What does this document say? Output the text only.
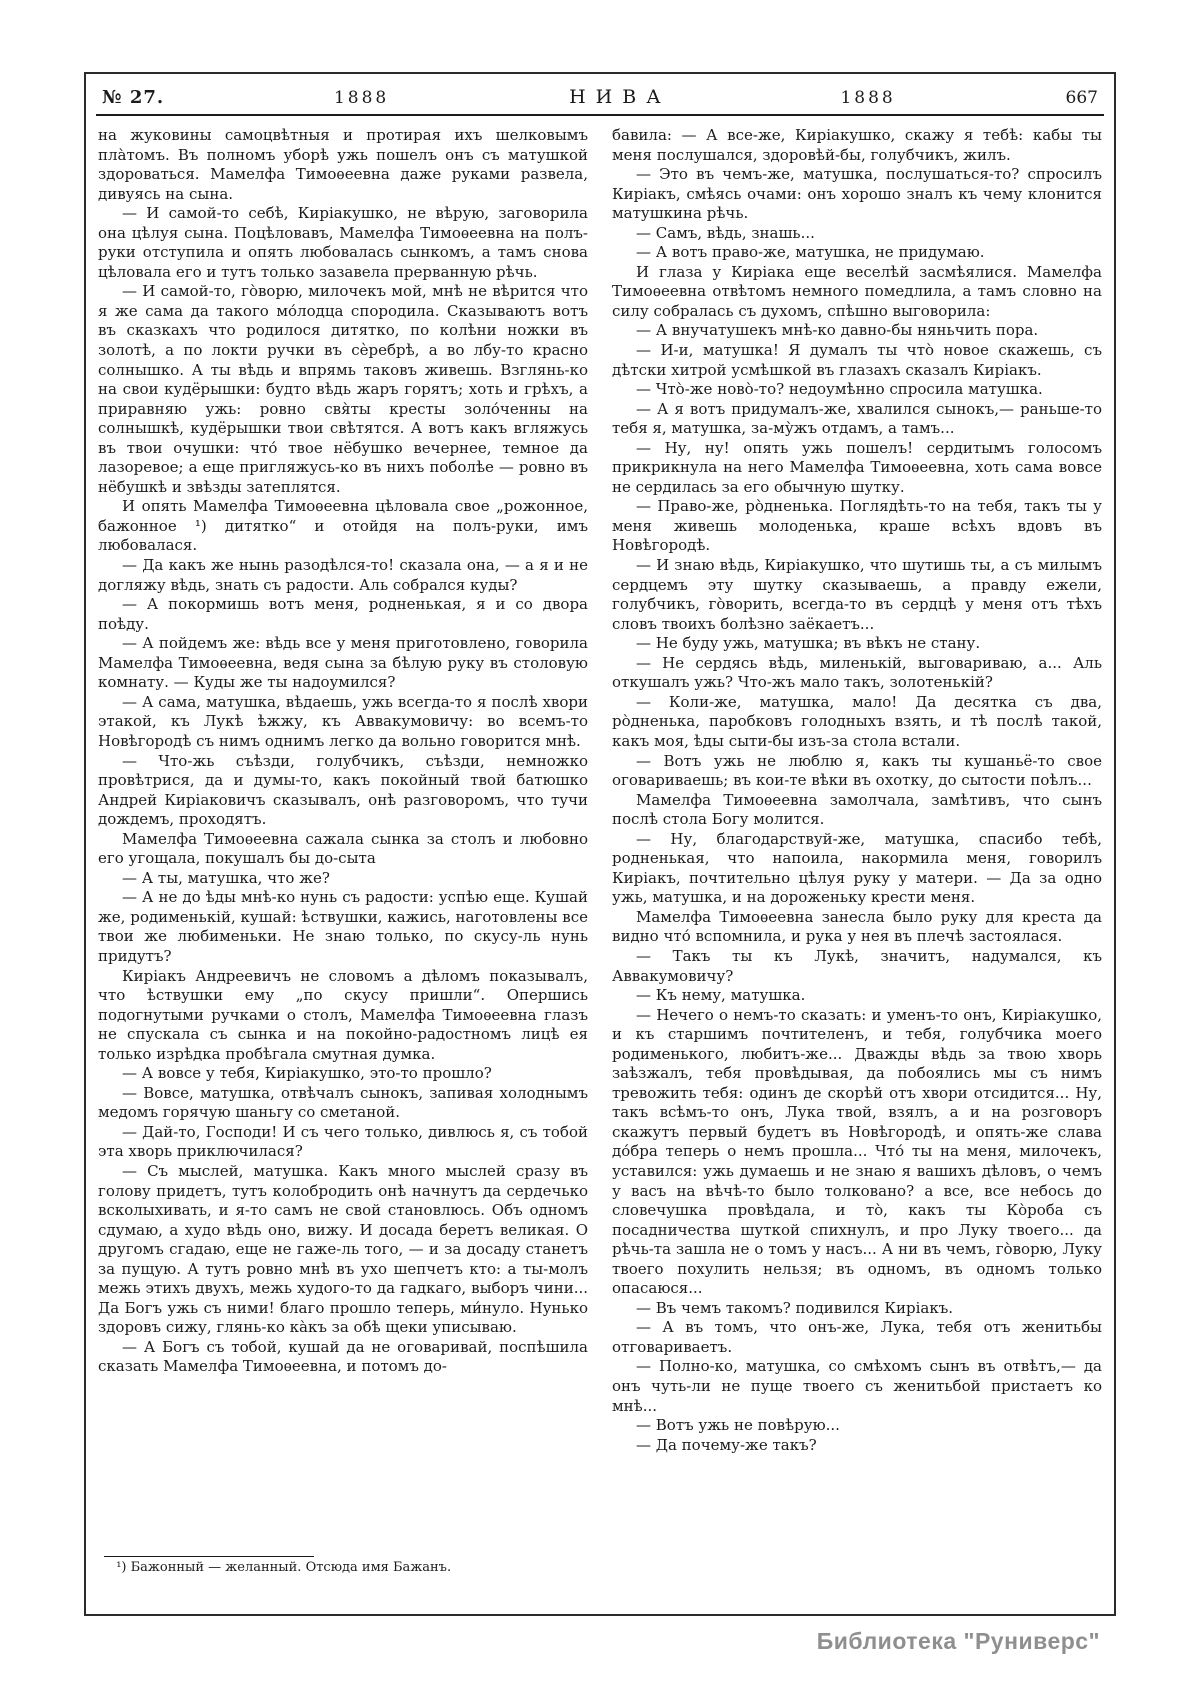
№ 27.	1888	НИВА	1888	667

на жуковины самоцвѣтныя и протирая ихъ шелковымъ пла̀томъ. Въ полномъ уборѣ ужь пошелъ онъ съ матушкой здороваться. Мамелфа Тимоѳеевна даже руками развела, дивуясь на сына.

— И самой-то себѣ, Киріакушко, не вѣрую, заговорила она цѣлуя сына. Поцѣловавъ, Мамелфа Тимоѳеевна на полъ-руки отступила и опять любовалась сынкомъ, а тамъ снова цѣловала его и тутъ только зазавела прерванную рѣчь.

— И самой-то, го̀ворю, милочекъ мой, мнѣ не вѣрится что я же сама да такого мо́лодца спородила. Сказываютъ вотъ въ сказкахъ что родилося дитятко, по колѣни ножки въ золотѣ, а по локти ручки въ сѐребрѣ, а во лбу-то красно солнышко. А ты вѣдь и впрямь таковъ живешь. Взглянь-ко на свои кудёрышки: будто вѣдь жаръ горятъ; хоть и грѣхъ, а приравняю ужь: ровно свя̀ты кресты золо́ченны на солнышкѣ, кудёрышки твои свѣтятся. А вотъ какъ вгляжусь въ твои очушки: что́ твое нёбушко вечернее, темное да лазоревое; а еще пригляжусь-ко въ нихъ поболѣе — ровно въ нёбушкѣ и звѣзды затеплятся.

И опять Мамелфа Тимоѳеевна цѣловала свое „рожонное, бажонное ¹) дитятко“ и отойдя на полъ-руки, имъ любовалася.

— Да какъ же нынь разодѣлся-то! сказала она, — а я и не догляжу вѣдь, знать съ радости. Аль собрался куды?

— А покормишь вотъ меня, родненькая, я и со двора поѣду.

— А пойдемъ же: вѣдь все у меня приготовлено, говорила Мамелфа Тимоѳеевна, ведя сына за бѣлую руку въ столовую комнату. — Куды же ты надоумился?

— А сама, матушка, вѣдаешь, ужь всегда-то я послѣ хвори этакой, къ Лукѣ ѣжжу, къ Аввакумовичу: во всемъ-то Новѣгородѣ съ нимъ однимъ легко да вольно говорится мнѣ.

— Что-жь съѣзди, голубчикъ, съѣзди, немножко провѣтрися, да и думы-то, какъ покойный твой батюшко Андрей Киріаковичъ сказывалъ, онѣ разговоромъ, что тучи дождемъ, проходятъ.

Мамелфа Тимоѳеевна сажала сынка за столъ и любовно его угощала, покушалъ бы до-сыта

— А ты, матушка, что же?

— А не до ѣды мнѣ-ко нунь съ радости: успѣю еще. Кушай же, родименькій, кушай: ѣствушки, кажись, наготовлены все твои же любименьки. Не знаю только, по скусу-ль нунь придутъ?

Киріакъ Андреевичъ не словомъ а дѣломъ показывалъ, что ѣствушки ему „по скусу пришли“. Опершись подогнутыми ручками о столъ, Мамелфа Тимоѳеевна глазъ не спускала съ сынка и на покойно-радостномъ лицѣ ея только изрѣдка пробѣгала смутная думка.

— А вовсе у тебя, Киріакушко, это-то прошло?

— Вовсе, матушка, отвѣчалъ сынокъ, запивая холоднымъ медомъ горячую шаньгу со сметаной.

— Дай-то, Господи! И съ чего только, дивлюсь я, съ тобой эта хворь приключилася?

— Съ мыслей, матушка. Какъ много мыслей сразу въ голову придетъ, тутъ колобродить онѣ начнутъ да сердечько всколыхивать, и я-то самъ не свой становлюсь. Объ одномъ сдумаю, а худо вѣдь оно, вижу. И досада беретъ великая. О другомъ сгадаю, еще не гаже-ль того, — и за досаду станетъ за пущую. А тутъ ровно мнѣ въ ухо шепчетъ кто: а ты-молъ межь этихъ двухъ, межь худого-то да гадкаго, выборъ чини... Да Богъ ужь съ ними! благо прошло теперь, ми́нуло. Нунько здоровъ сижу, глянь-ко ка̀къ за обѣ щеки уписываю.

— А Богъ съ тобой, кушай да не оговаривай, поспѣшила сказать Мамелфа Тимоѳеевна, и потомъ до-

¹) Бажонный — желанный. Отсюда имя Бажанъ.

бавила: — А все-же, Киріакушко, скажу я тебѣ: кабы ты меня послушался, здоровѣй-бы, голубчикъ, жилъ.

— Это въ чемъ-же, матушка, послушаться-то? спросилъ Киріакъ, смѣясь очами: онъ хорошо зналъ къ чему клонится матушкина рѣчь.

— Самъ, вѣдь, знашь...

— А вотъ право-же, матушка, не придумаю.

И глаза у Киріака еще веселѣй засмѣялися. Мамелфа Тимоѳеевна отвѣтомъ немного помедлила, а тамъ словно на силу собралась съ духомъ, спѣшно выговорила:

— А внучатушекъ мнѣ-ко давно-бы няньчить пора.

— И-и, матушка! Я думалъ ты что̀ новое скажешь, съ дѣтски хитрой усмѣшкой въ глазахъ сказалъ Киріакъ.

— Что̀-же ново̀-то? недоумѣнно спросила матушка.

— А я вотъ придумалъ-же, хвалился сынокъ,— раньше-то тебя я, матушка, за-му̀жъ отдамъ, а тамъ...

— Ну, ну! опять ужь пошелъ! сердитымъ голосомъ прикрикнула на него Мамелфа Тимоѳеевна, хоть сама вовсе не сердилась за его обычную шутку.

— Право-же, ро̀дненька. Поглядѣть-то на тебя, такъ ты у меня живешь молоденька, краше всѣхъ вдовъ въ Новѣгородѣ.

— И знаю вѣдь, Киріакушко, что шутишь ты, а съ милымъ сердцемъ эту шутку сказываешь, а правду ежели, голубчикъ, го̀ворить, всегда-то въ сердцѣ у меня отъ тѣхъ словъ твоихъ болѣзно заёкаетъ...

— Не буду ужь, матушка; въ вѣкъ не стану.

— Не сердясь вѣдь, миленькій, выговариваю, а... Аль откушалъ ужь? Что-жъ мало такъ, золотенькій?

— Коли-же, матушка, мало! Да десятка съ два, ро̀дненька, паробковъ голодныхъ взять, и тѣ послѣ такой, какъ моя, ѣды сыти-бы изъ-за стола встали.

— Вотъ ужь не люблю я, какъ ты кушаньё-то свое оговариваешь; въ кои-те вѣки въ охотку, до сытости поѣлъ...

Мамелфа Тимоѳеевна замолчала, замѣтивъ, что сынъ послѣ стола Богу молится.

— Ну, благодарствуй-же, матушка, спасибо тебѣ, родненькая, что напоила, накормила меня, говорилъ Киріакъ, почтительно цѣлуя руку у матери. — Да за одно ужь, матушка, и на дороженьку крести меня.

Мамелфа Тимоѳеевна занесла было руку для креста да видно что́ вспомнила, и рука у нея въ плечѣ застоялася.

— Такъ ты къ Лукѣ, значитъ, надумался, къ Аввакумовичу?

— Къ нему, матушка.

— Нечего о немъ-то сказать: и уменъ-то онъ, Киріакушко, и къ старшимъ почтителенъ, и тебя, голубчика моего родименького, любитъ-же... Дважды вѣдь за твою хворь заѣзжалъ, тебя провѣдывая, да побоялись мы съ нимъ тревожить тебя: одинъ де скорѣй отъ хвори отсидится... Ну, такъ всѣмъ-то онъ, Лука твой, взялъ, а и на розговоръ скажутъ первый будетъ въ Новѣгородѣ, и опять-же слава до́бра теперь о немъ прошла... Что́ ты на меня, милочекъ, уставился: ужь думаешь и не знаю я вашихъ дѣловъ, о чемъ у васъ на вѣчѣ-то было толковано? а все, все небось до словечушка провѣдала, и то̀, какъ ты Ко̀роба съ посадничества шуткой спихнулъ, и про Луку твоего... да рѣчь-та зашла не о томъ у насъ... А ни въ чемъ, го̀ворю, Луку твоего похулить нельзя; въ одномъ, въ одномъ только опасаюся...

— Въ чемъ такомъ? подивился Киріакъ.

— А въ томъ, что онъ-же, Лука, тебя отъ женитьбы отговариваетъ.

— Полно-ко, матушка, со смѣхомъ сынъ въ отвѣтъ,— да онъ чуть-ли не пуще твоего съ женитьбой пристаетъ ко мнѣ...

— Вотъ ужь не повѣрую...

— Да почему-же такъ?

Библиотека "Руниверс"
